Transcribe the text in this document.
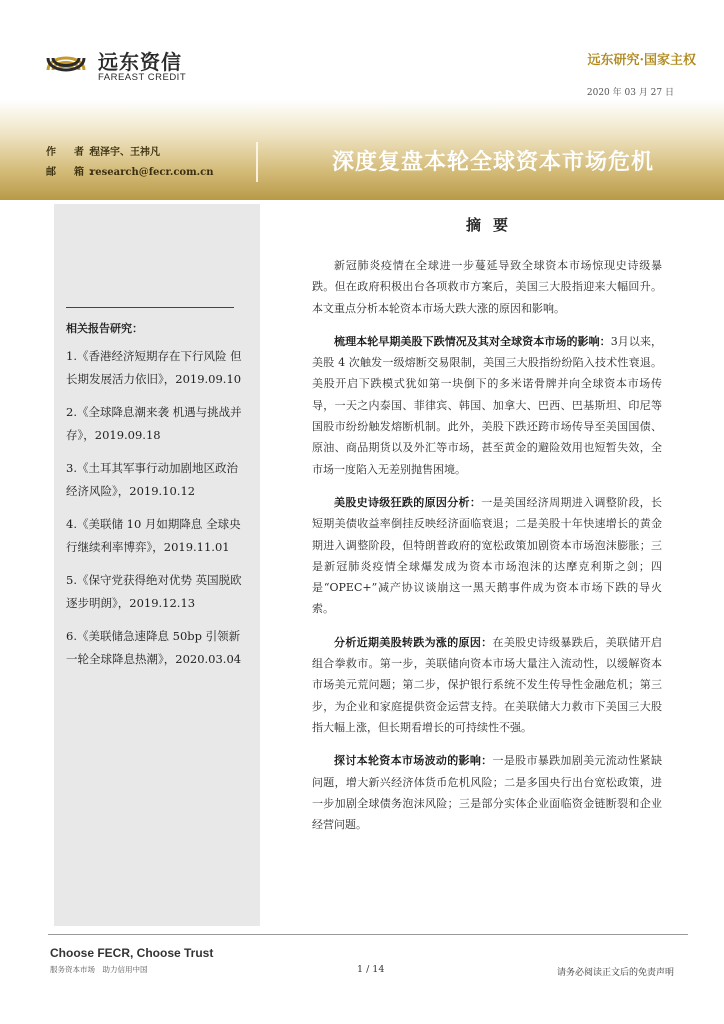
远东资信
FAREAST CREDIT
远东研究·国家主权
2020 年 03 月 27 日
作　者：程泽宇、王祎凡
邮　箱：research@fecr.com.cn	深度复盘本轮全球资本市场危机
相关报告研究：
1.《香港经济短期存在下行风险 但长期发展活力依旧》，2019.09.10
2.《全球降息潮来袭 机遇与挑战并存》，2019.09.18
3.《土耳其军事行动加剧地区政治经济风险》，2019.10.12
4.《美联储 10 月如期降息 全球央行继续利率博弈》，2019.11.01
5.《保守党获得绝对优势 英国脱欧逐步明朗》，2019.12.13
6.《美联储急速降息 50bp 引领新一轮全球降息热潮》，2020.03.04
摘要

新冠肺炎疫情在全球进一步蔓延导致全球资本市场惊现史诗级暴跌。但在政府积极出台各项救市方案后，美国三大股指迎来大幅回升。本文重点分析本轮资本市场大跌大涨的原因和影响。

梳理本轮早期美股下跌情况及其对全球资本市场的影响：3月以来，美股 4 次触发一级熔断交易限制，美国三大股指纷纷陷入技术性衰退。美股开启下跌模式犹如第一块倒下的多米诺骨牌并向全球资本市场传导，一天之内泰国、菲律宾、韩国、加拿大、巴西、巴基斯坦、印尼等国股市纷纷触发熔断机制。此外，美股下跌还跨市场传导至美国国债、原油、商品期货以及外汇等市场，甚至黄金的避险效用也短暂失效，全市场一度陷入无差别抛售困境。

美股史诗级狂跌的原因分析：一是美国经济周期进入调整阶段，长短期美债收益率倒挂反映经济面临衰退；二是美股十年快速增长的黄金期进入调整阶段，但特朗普政府的宽松政策加剧资本市场泡沫膨胀；三是新冠肺炎疫情全球爆发成为资本市场泡沫的达摩克利斯之剑；四是“OPEC+”减产协议谈崩这一黑天鹅事件成为资本市场下跌的导火索。

分析近期美股转跌为涨的原因：在美股史诗级暴跌后，美联储开启组合拳救市。第一步，美联储向资本市场大量注入流动性，以缓解资本市场美元荒问题；第二步，保护银行系统不发生传导性金融危机；第三步，为企业和家庭提供资金运营支持。在美联储大力救市下美国三大股指大幅上涨，但长期看增长的可持续性不强。

探讨本轮资本市场波动的影响：一是股市暴跌加剧美元流动性紧缺问题，增大新兴经济体货币危机风险；二是多国央行出台宽松政策，进一步加剧全球债务泡沫风险；三是部分实体企业面临资金链断裂和企业经营问题。

Choose FECR, Choose Trust
服务资本市场　助力信用中国	1 / 14	请务必阅读正文后的免责声明
